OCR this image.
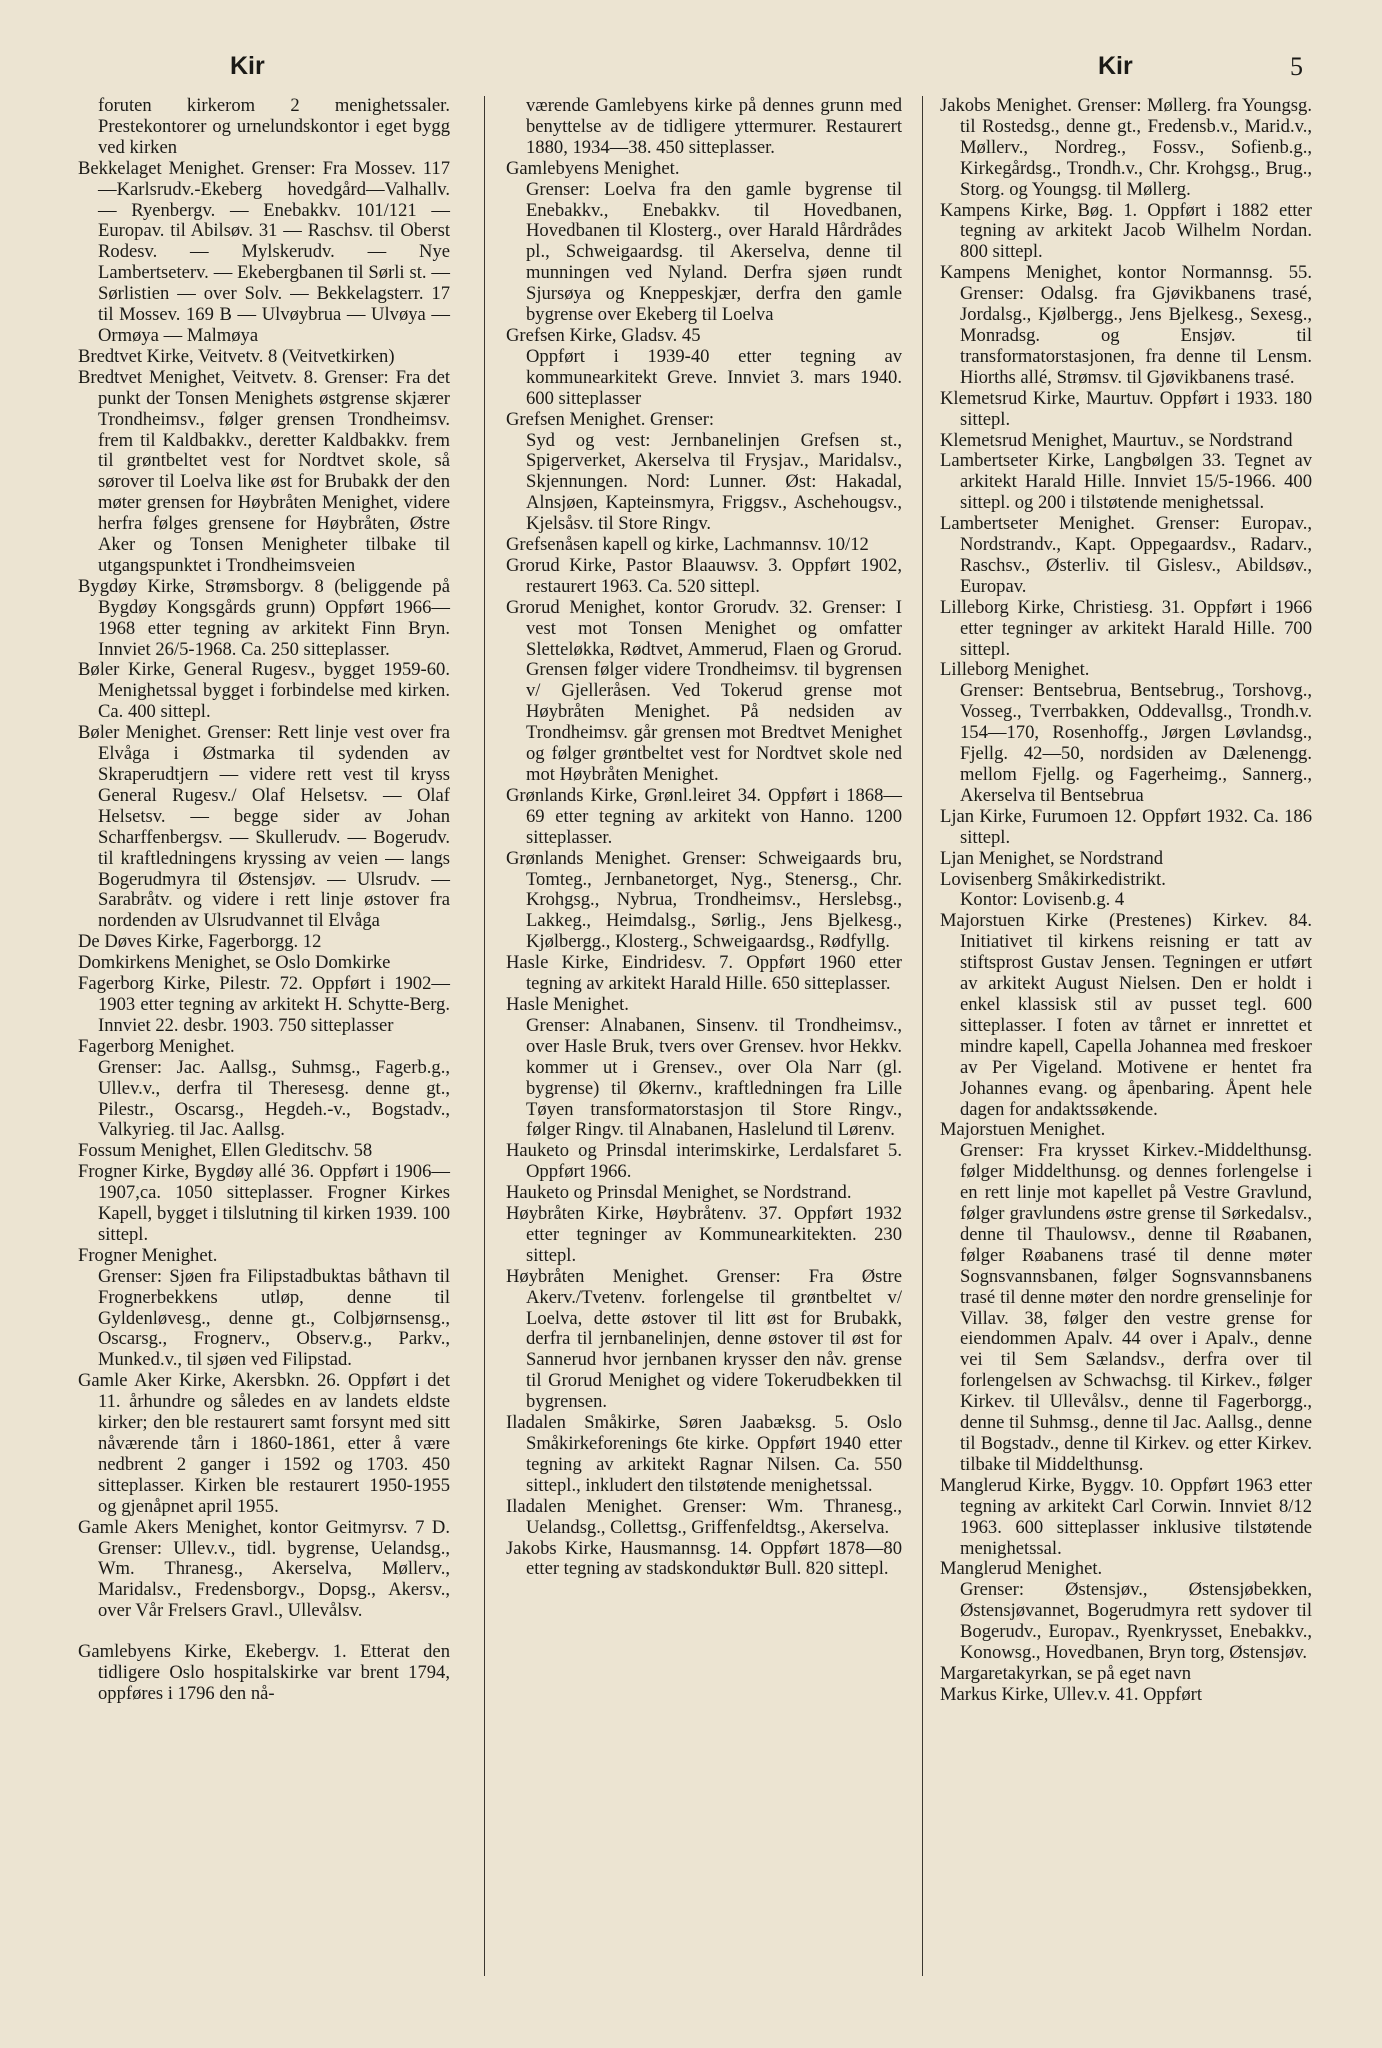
Kir	Kir	5
foruten kirkerom 2 menighetssaler. Prestekontorer og urnelundskontor i eget bygg ved kirken
Bekkelaget Menighet. Grenser: Fra Mossev. 117—Karlsrudv.-Ekeberg hovedgård—Valhallv. — Ryenbergv. — Enebakkv. 101/121 — Europav. til Abilsøv. 31 — Raschsv. til Oberst Rodesv. — Mylskerudv. — Nye Lambertseterv. — Ekebergbanen til Sørli st. — Sørlistien — over Solv. — Bekkelagsterr. 17 til Mossev. 169 B — Ulvøybrua — Ulvøya — Ormøya — Malmøya
Bredtvet Kirke, Veitvetv. 8 (Veitvetkirken)
Bredtvet Menighet, Veitvetv. 8. Grenser: Fra det punkt der Tonsen Menighets østgrense skjærer Trondheimsv., følger grensen Trondheimsv. frem til Kaldbakkv., deretter Kaldbakkv. frem til grøntbeltet vest for Nordtvet skole, så sørover til Loelva like øst for Brubakk der den møter grensen for Høybråten Menighet, videre herfra følges grensene for Høybråten, Østre Aker og Tonsen Menigheter tilbake til utgangspunktet i Trondheimsveien
Bygdøy Kirke, Strømsborgv. 8 (beliggende på Bygdøy Kongsgårds grunn) Oppført 1966—1968 etter tegning av arkitekt Finn Bryn. Innviet 26/5-1968. Ca. 250 sitteplasser.
Bøler Kirke, General Rugesv., bygget 1959-60. Menighetssal bygget i forbindelse med kirken. Ca. 400 sittepl.
Bøler Menighet. Grenser: Rett linje vest over fra Elvåga i Østmarka til sydenden av Skraperudtjern — videre rett vest til kryss General Rugesv./ Olaf Helsetsv. — Olaf Helsetsv. — begge sider av Johan Scharffenbergsv. — Skullerudv. — Bogerudv. til kraftledningens kryssing av veien — langs Bogerudmyra til Østensjøv. — Ulsrudv. — Sarabråtv. og videre i rett linje østover fra nordenden av Ulsrudvannet til Elvåga
De Døves Kirke, Fagerborgg. 12
Domkirkens Menighet, se Oslo Domkirke
Fagerborg Kirke, Pilestr. 72. Oppført i 1902—1903 etter tegning av arkitekt H. Schytte-Berg. Innviet 22. desbr. 1903. 750 sitteplasser
Fagerborg Menighet.
Grenser: Jac. Aallsg., Suhmsg., Fagerb.g., Ullev.v., derfra til Theresesg. denne gt., Pilestr., Oscarsg., Hegdeh.-v., Bogstadv., Valkyrieg. til Jac. Aallsg.
Fossum Menighet, Ellen Gleditschv. 58
Frogner Kirke, Bygdøy allé 36. Oppført i 1906—1907,ca. 1050 sitteplasser. Frogner Kirkes Kapell, bygget i tilslutning til kirken 1939. 100 sittepl.
Frogner Menighet.
Grenser: Sjøen fra Filipstadbuktas båthavn til Frognerbekkens utløp, denne til Gyldenløvesg., denne gt., Colbjørnsensg., Oscarsg., Frognerv., Observ.g., Parkv., Munked.v., til sjøen ved Filipstad.
Gamle Aker Kirke, Akersbkn. 26. Oppført i det 11. århundre og således en av landets eldste kirker; den ble restaurert samt forsynt med sitt nåværende tårn i 1860-1861, etter å være nedbrent 2 ganger i 1592 og 1703. 450 sitteplasser. Kirken ble restaurert 1950-1955 og gjenåpnet april 1955.
Gamle Akers Menighet, kontor Geitmyrsv. 7 D. Grenser: Ullev.v., tidl. bygrense, Uelandsg., Wm. Thranesg., Akerselva, Møllerv., Maridalsv., Fredensborgv., Dopsg., Akersv., over Vår Frelsers Gravl., Ullevålsv.
Gamlebyens Kirke, Ekebergv. 1. Etterat den tidligere Oslo hospitalskirke var brent 1794, oppføres i 1796 den nå-
værende Gamlebyens kirke på dennes grunn med benyttelse av de tidligere yttermurer. Restaurert 1880, 1934—38. 450 sitteplasser.
Gamlebyens Menighet.
Grenser: Loelva fra den gamle bygrense til Enebakkv., Enebakkv. til Hovedbanen, Hovedbanen til Klosterg., over Harald Hårdrådes pl., Schweigaardsg. til Akerselva, denne til munningen ved Nyland. Derfra sjøen rundt Sjursøya og Kneppeskjær, derfra den gamle bygrense over Ekeberg til Loelva
Grefsen Kirke, Gladsv. 45
Oppført i 1939-40 etter tegning av kommunearkitekt Greve. Innviet 3. mars 1940. 600 sitteplasser
Grefsen Menighet. Grenser:
Syd og vest: Jernbanelinjen Grefsen st., Spigerverket, Akerselva til Frysjav., Maridalsv., Skjennungen. Nord: Lunner. Øst: Hakadal, Alnsjøen, Kapteinsmyra, Friggsv., Aschehougsv., Kjelsåsv. til Store Ringv.
Grefsenåsen kapell og kirke, Lachmannsv. 10/12
Grorud Kirke, Pastor Blaauwsv. 3. Oppført 1902, restaurert 1963. Ca. 520 sittepl.
Grorud Menighet, kontor Grorudv. 32. Grenser: I vest mot Tonsen Menighet og omfatter Sletteløkka, Rødtvet, Ammerud, Flaen og Grorud. Grensen følger videre Trondheimsv. til bygrensen v/ Gjelleråsen. Ved Tokerud grense mot Høybråten Menighet. På nedsiden av Trondheimsv. går grensen mot Bredtvet Menighet og følger grøntbeltet vest for Nordtvet skole ned mot Høybråten Menighet.
Grønlands Kirke, Grønl.leiret 34. Oppført i 1868—69 etter tegning av arkitekt von Hanno. 1200 sitteplasser.
Grønlands Menighet. Grenser: Schweigaards bru, Tomteg., Jernbanetorget, Nyg., Stenersg., Chr. Krohgsg., Nybrua, Trondheimsv., Herslebsg., Lakkeg., Heimdalsg., Sørlig., Jens Bjelkesg., Kjølbergg., Klosterg., Schweigaardsg., Rødfyllg.
Hasle Kirke, Eindridesv. 7. Oppført 1960 etter tegning av arkitekt Harald Hille. 650 sitteplasser.
Hasle Menighet.
Grenser: Alnabanen, Sinsenv. til Trondheimsv., over Hasle Bruk, tvers over Grensev. hvor Hekkv. kommer ut i Grensev., over Ola Narr (gl. bygrense) til Økernv., kraftledningen fra Lille Tøyen transformatorstasjon til Store Ringv., følger Ringv. til Alnabanen, Haslelund til Lørenv.
Hauketo og Prinsdal interimskirke, Lerdalsfaret 5. Oppført 1966.
Hauketo og Prinsdal Menighet, se Nordstrand.
Høybråten Kirke, Høybråtenv. 37. Oppført 1932 etter tegninger av Kommunearkitekten. 230 sittepl.
Høybråten Menighet. Grenser: Fra Østre Akerv./Tvetenv. forlengelse til grøntbeltet v/ Loelva, dette østover til litt øst for Brubakk, derfra til jernbanelinjen, denne østover til øst for Sannerud hvor jernbanen krysser den nåv. grense til Grorud Menighet og videre Tokerudbekken til bygrensen.
Iladalen Småkirke, Søren Jaabæksg. 5. Oslo Småkirkeforenings 6te kirke. Oppført 1940 etter tegning av arkitekt Ragnar Nilsen. Ca. 550 sittepl., inkludert den tilstøtende menighetssal.
Iladalen Menighet. Grenser: Wm. Thranesg., Uelandsg., Collettsg., Griffenfeldtsg., Akerselva.
Jakobs Kirke, Hausmannsg. 14. Oppført 1878—80 etter tegning av stadskonduktør Bull. 820 sittepl.
Jakobs Menighet. Grenser: Møllerg. fra Youngsg. til Rostedsg., denne gt., Fredensb.v., Marid.v., Møllerv., Nordreg., Fossv., Sofienb.g., Kirkegårdsg., Trondh.v., Chr. Krohgsg., Brug., Storg. og Youngsg. til Møllerg.
Kampens Kirke, Bøg. 1. Oppført i 1882 etter tegning av arkitekt Jacob Wilhelm Nordan. 800 sittepl.
Kampens Menighet, kontor Normannsg. 55. Grenser: Odalsg. fra Gjøvikbanens trasé, Jordalsg., Kjølbergg., Jens Bjelkesg., Sexesg., Monradsg. og Ensjøv. til transformatorstasjonen, fra denne til Lensm. Hiorths allé, Strømsv. til Gjøvikbanens trasé.
Klemetsrud Kirke, Maurtuv. Oppført i 1933. 180 sittepl.
Klemetsrud Menighet, Maurtuv., se Nordstrand
Lambertseter Kirke, Langbølgen 33. Tegnet av arkitekt Harald Hille. Innviet 15/5-1966. 400 sittepl. og 200 i tilstøtende menighetssal.
Lambertseter Menighet. Grenser: Europav., Nordstrandv., Kapt. Oppegaardsv., Radarv., Raschsv., Østerliv. til Gislesv., Abildsøv., Europav.
Lilleborg Kirke, Christiesg. 31. Oppført i 1966 etter tegninger av arkitekt Harald Hille. 700 sittepl.
Lilleborg Menighet.
Grenser: Bentsebrua, Bentsebrug., Torshovg., Vosseg., Tverrbakken, Oddevallsg., Trondh.v. 154—170, Rosenhoffg., Jørgen Løvlandsg., Fjellg. 42—50, nordsiden av Dælenengg. mellom Fjellg. og Fagerheimg., Sannerg., Akerselva til Bentsebrua
Ljan Kirke, Furumoen 12. Oppført 1932. Ca. 186 sittepl.
Ljan Menighet, se Nordstrand
Lovisenberg Småkirkedistrikt.
Kontor: Lovisenb.g. 4
Majorstuen Kirke (Prestenes) Kirkev. 84. Initiativet til kirkens reisning er tatt av stiftsprost Gustav Jensen. Tegningen er utført av arkitekt August Nielsen. Den er holdt i enkel klassisk stil av pusset tegl. 600 sitteplasser. I foten av tårnet er innrettet et mindre kapell, Capella Johannea med freskoer av Per Vigeland. Motivene er hentet fra Johannes evang. og åpenbaring. Åpent hele dagen for andaktssøkende.
Majorstuen Menighet.
Grenser: Fra krysset Kirkev.-Middelthunsg. følger Middelthunsg. og dennes forlengelse i en rett linje mot kapellet på Vestre Gravlund, følger gravlundens østre grense til Sørkedalsv., denne til Thaulowsv., denne til Røabanen, følger Røabanens trasé til denne møter Sognsvannsbanen, følger Sognsvannsbanens trasé til denne møter den nordre grenselinje for Villav. 38, følger den vestre grense for eiendommen Apalv. 44 over i Apalv., denne vei til Sem Sælandsv., derfra over til forlengelsen av Schwachsg. til Kirkev., følger Kirkev. til Ullevålsv., denne til Fagerborgg., denne til Suhmsg., denne til Jac. Aallsg., denne til Bogstadv., denne til Kirkev. og etter Kirkev. tilbake til Middelthunsg.
Manglerud Kirke, Byggv. 10. Oppført 1963 etter tegning av arkitekt Carl Corwin. Innviet 8/12 1963. 600 sitteplasser inklusive tilstøtende menighetssal.
Manglerud Menighet.
Grenser: Østensjøv., Østensjøbekken, Østensjøvannet, Bogerudmyra rett sydover til Bogerudv., Europav., Ryenkrysset, Enebakkv., Konowsg., Hovedbanen, Bryn torg, Østensjøv.
Margaretakyrkan, se på eget navn
Markus Kirke, Ullev.v. 41. Oppført
